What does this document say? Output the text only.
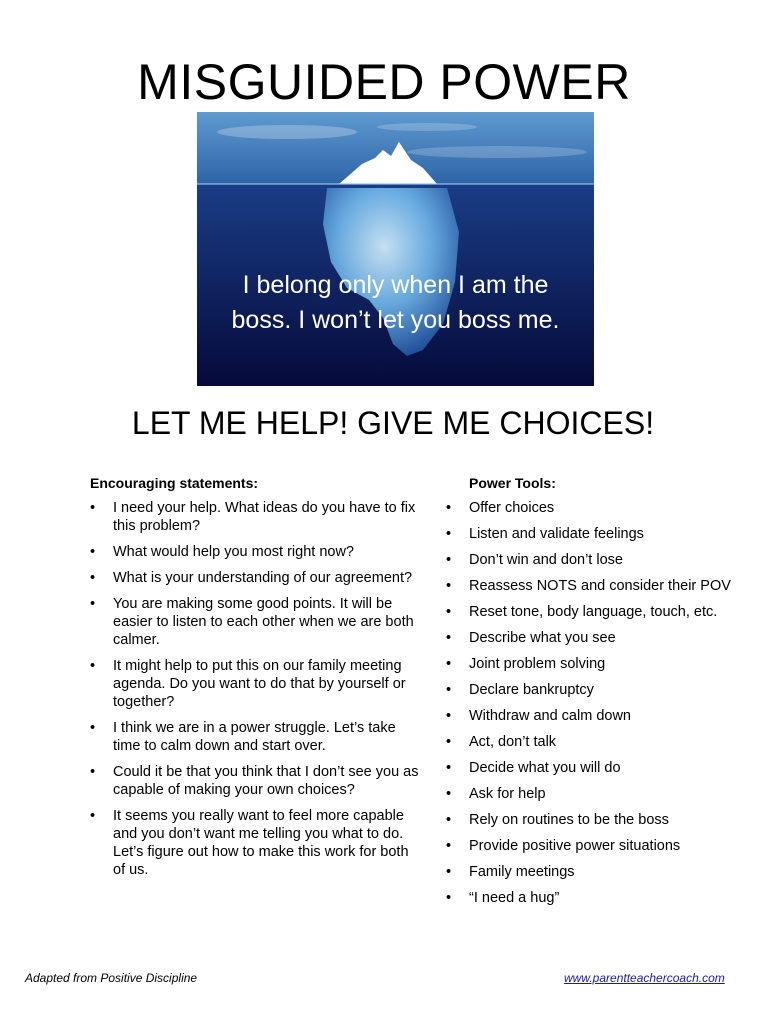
MISGUIDED POWER
I belong only when I am the
boss. I won’t let you boss me.
LET ME HELP! GIVE ME CHOICES!
Encouraging statements:
• I need your help. What ideas do you have to fix this problem?
• What would help you most right now?
• What is your understanding of our agreement?
• You are making some good points. It will be easier to listen to each other when we are both calmer.
• It might help to put this on our family meeting agenda. Do you want to do that by yourself or together?
• I think we are in a power struggle. Let’s take time to calm down and start over.
• Could it be that you think that I don’t see you as capable of making your own choices?
• It seems you really want to feel more capable and you don’t want me telling you what to do. Let’s figure out how to make this work for both of us.
Power Tools:
• Offer choices
• Listen and validate feelings
• Don’t win and don’t lose
• Reassess NOTS and consider their POV
• Reset tone, body language, touch, etc.
• Describe what you see
• Joint problem solving
• Declare bankruptcy
• Withdraw and calm down
• Act, don’t talk
• Decide what you will do
• Ask for help
• Rely on routines to be the boss
• Provide positive power situations
• Family meetings
• “I need a hug”
Adapted from Positive Discipline	www.parentteachercoach.com
